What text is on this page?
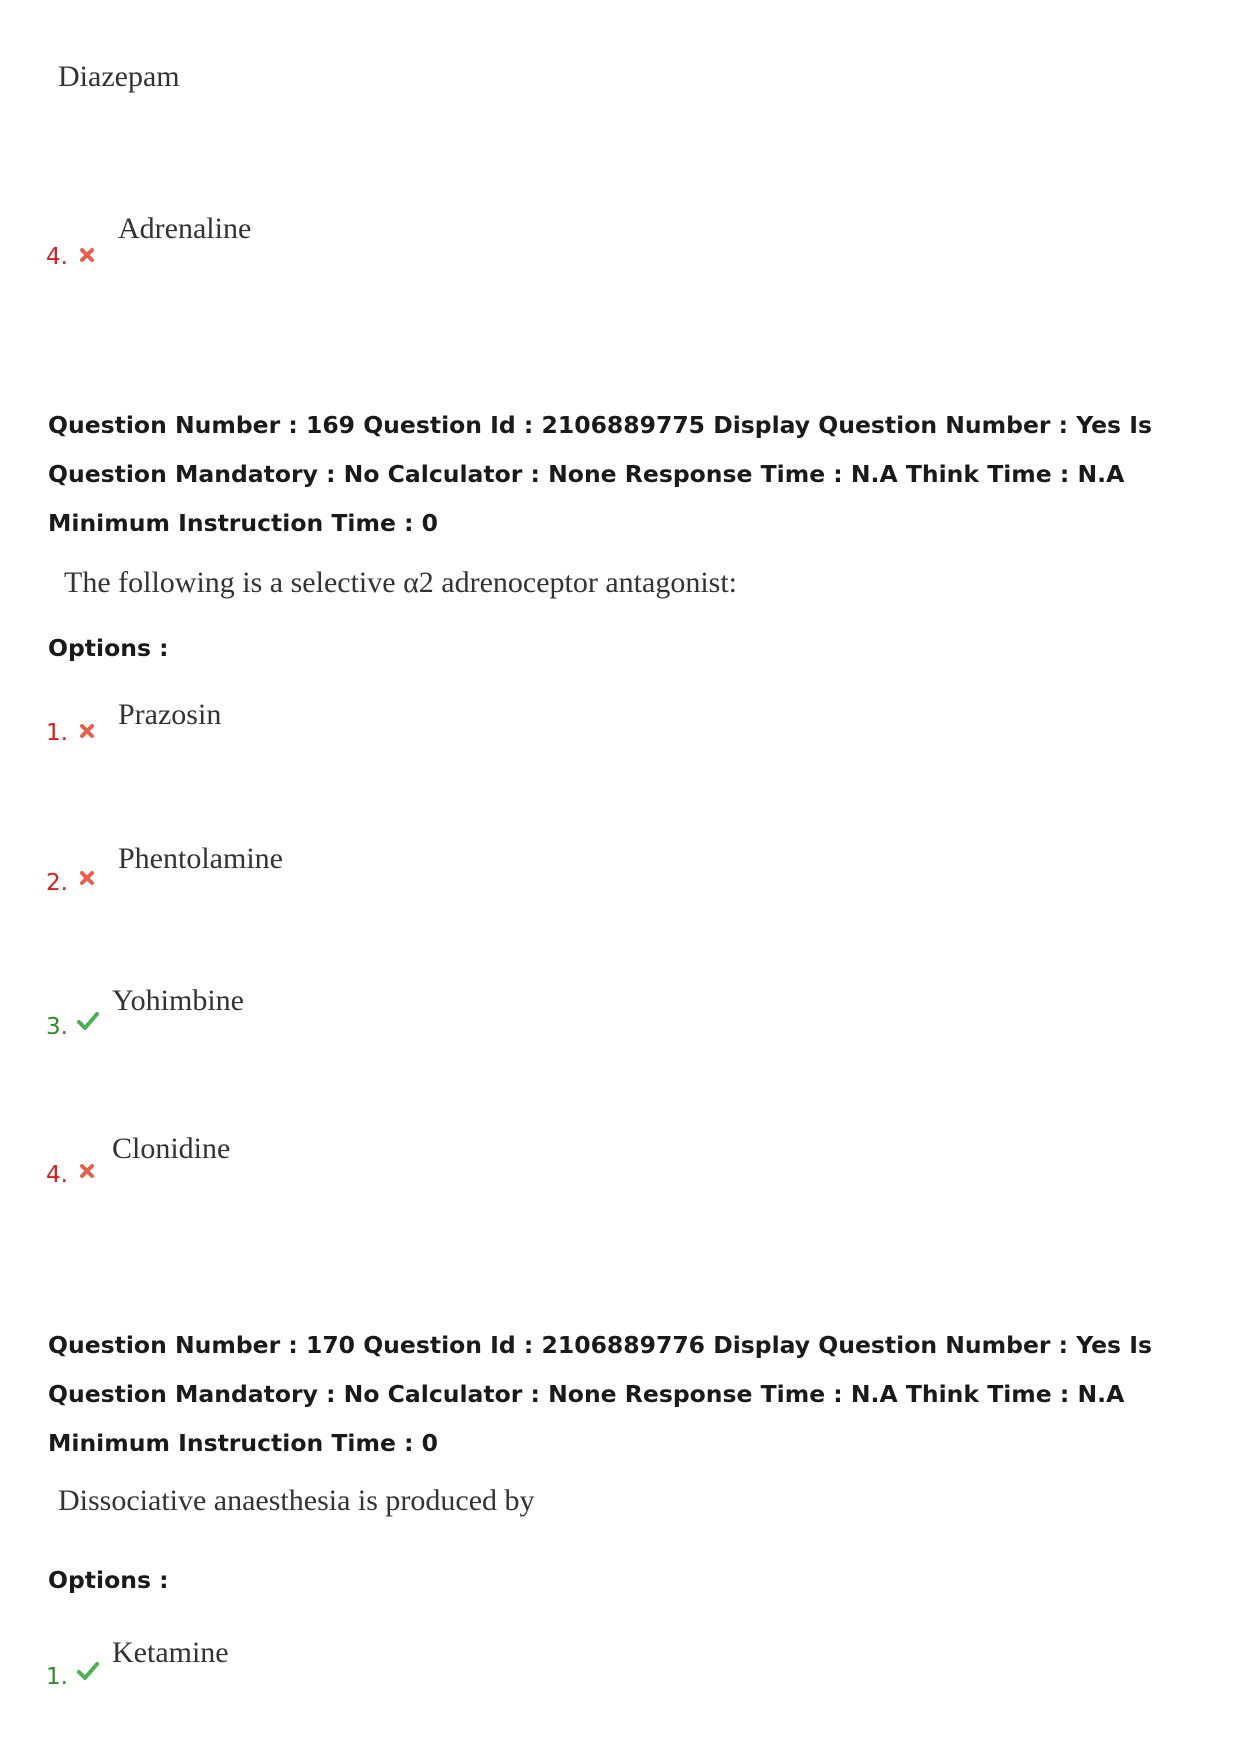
Diazepam
4.
Adrenaline
Question Number : 169 Question Id : 2106889775 Display Question Number : Yes Is Question Mandatory : No Calculator : None Response Time : N.A Think Time : N.A Minimum Instruction Time : 0
The following is a selective α2 adrenoceptor antagonist:
Options :
1.
Prazosin
2.
Phentolamine
3.
Yohimbine
4.
Clonidine
Question Number : 170 Question Id : 2106889776 Display Question Number : Yes Is Question Mandatory : No Calculator : None Response Time : N.A Think Time : N.A Minimum Instruction Time : 0
Dissociative anaesthesia is produced by
Options :
1.
Ketamine
